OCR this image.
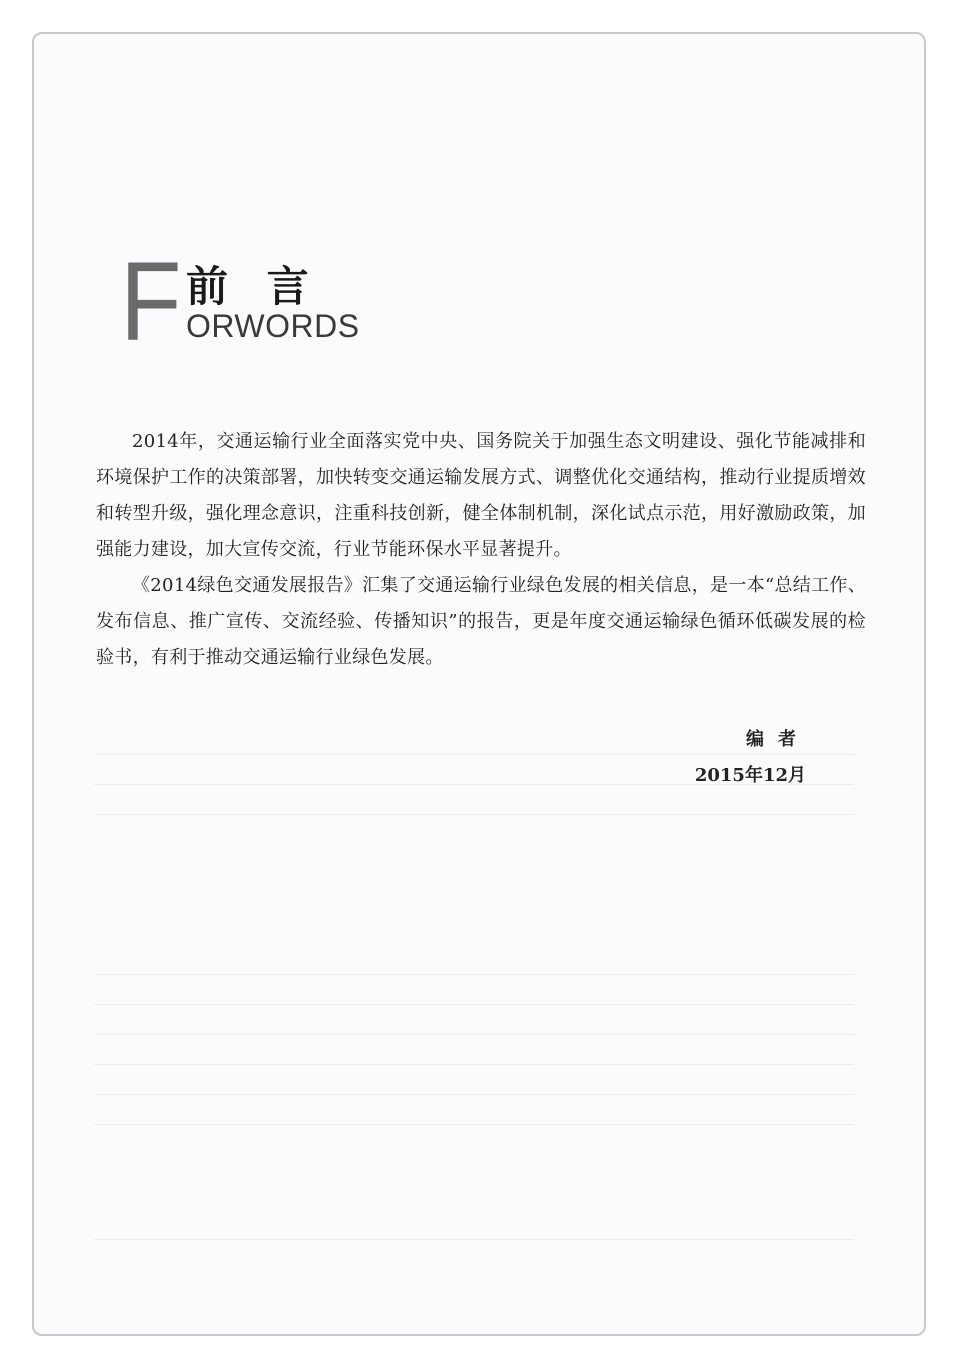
F 前 言
ORWORDS

2014年，交通运输行业全面落实党中央、国务院关于加强生态文明建设、强化节能减排和环境保护工作的决策部署，加快转变交通运输发展方式、调整优化交通结构，推动行业提质增效和转型升级，强化理念意识，注重科技创新，健全体制机制，深化试点示范，用好激励政策，加强能力建设，加大宣传交流，行业节能环保水平显著提升。

《2014绿色交通发展报告》汇集了交通运输行业绿色发展的相关信息，是一本“总结工作、发布信息、推广宣传、交流经验、传播知识”的报告，更是年度交通运输绿色循环低碳发展的检验书，有利于推动交通运输行业绿色发展。

编者
2015年12月
